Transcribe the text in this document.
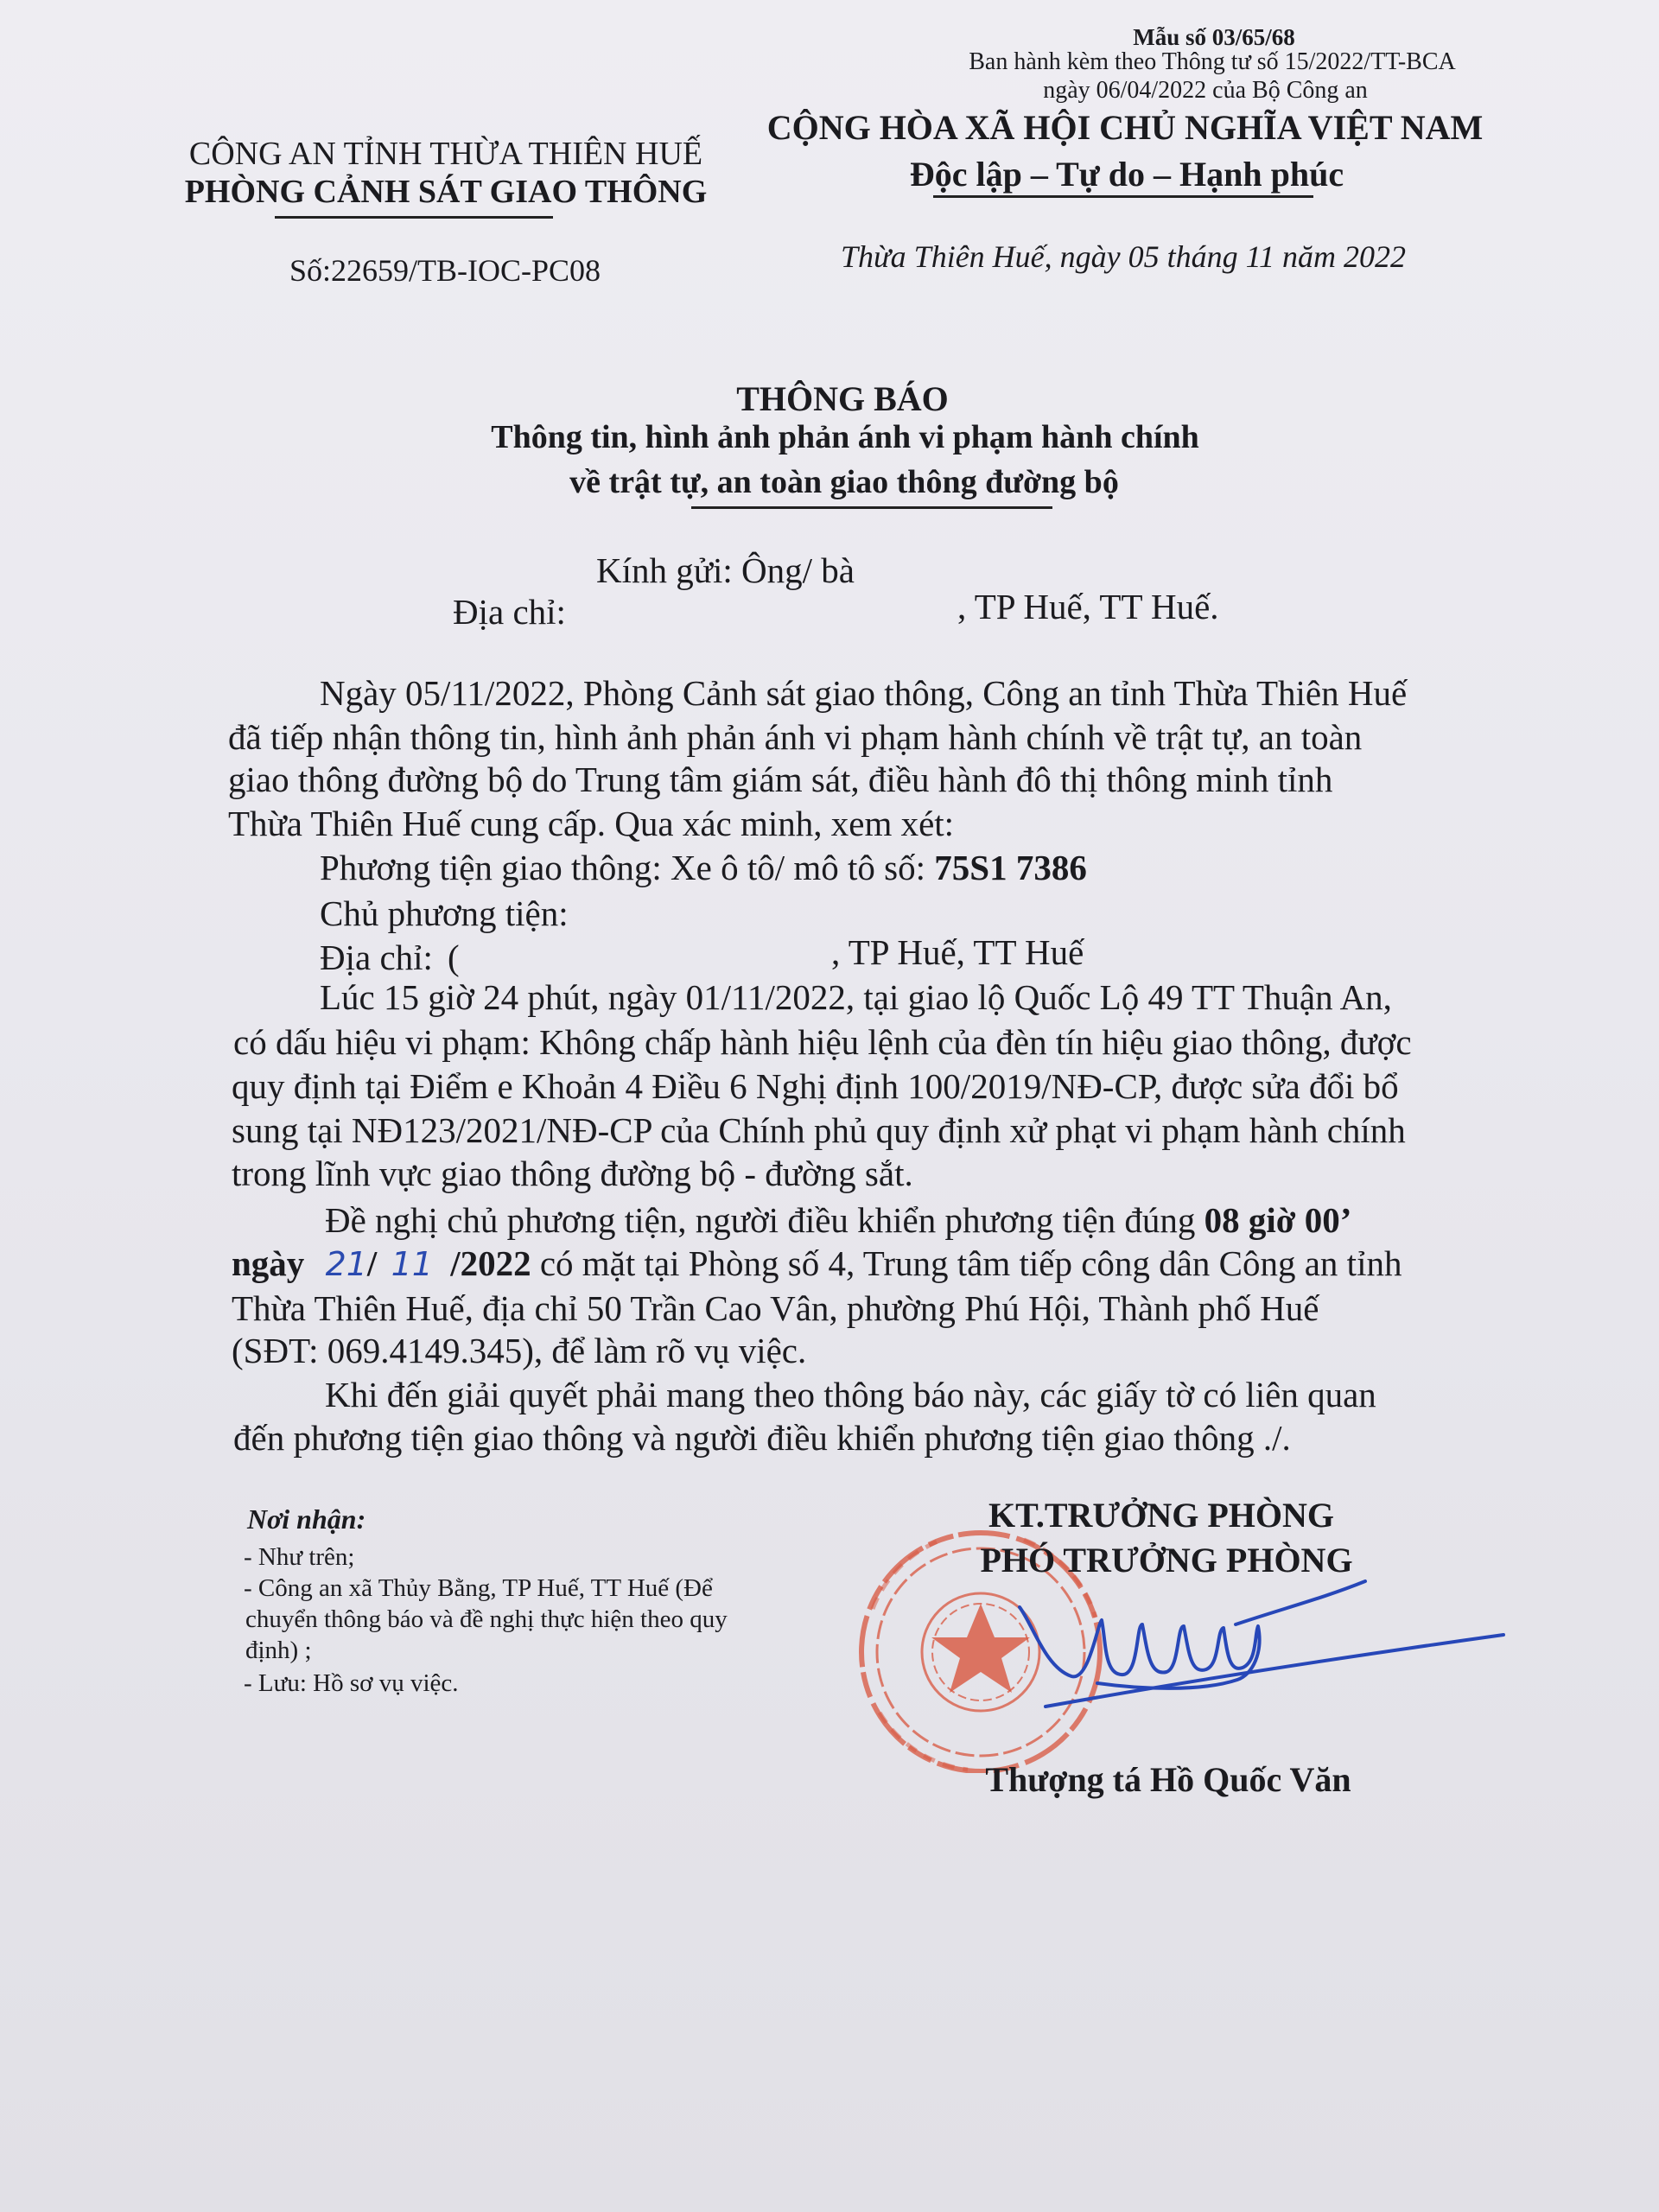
Mẫu số 03/65/68
Ban hành kèm theo Thông tư số 15/2022/TT-BCA
ngày 06/04/2022 của Bộ Công an
CÔNG AN TỈNH THỪA THIÊN HUẾ
PHÒNG CẢNH SÁT GIAO THÔNG
Số:22659/TB-IOC-PC08
CỘNG HÒA XÃ HỘI CHỦ NGHĨA VIỆT NAM
Độc lập – Tự do – Hạnh phúc
Thừa Thiên Huế, ngày 05 tháng 11 năm 2022
THÔNG BÁO
Thông tin, hình ảnh phản ánh vi phạm hành chính
về trật tự, an toàn giao thông đường bộ
Kính gửi: Ông/ bà
Địa chỉ:	, TP Huế, TT Huế.
Ngày 05/11/2022, Phòng Cảnh sát giao thông, Công an tỉnh Thừa Thiên Huế
đã tiếp nhận thông tin, hình ảnh phản ánh vi phạm hành chính về trật tự, an toàn
giao thông đường bộ do Trung tâm giám sát, điều hành đô thị thông minh tỉnh
Thừa Thiên Huế cung cấp. Qua xác minh, xem xét:
Phương tiện giao thông: Xe ô tô/ mô tô số: 75S1 7386
Chủ phương tiện:
Địa chỉ: (	, TP Huế, TT Huế
Lúc 15 giờ 24 phút, ngày 01/11/2022, tại giao lộ Quốc Lộ 49 TT Thuận An,
có dấu hiệu vi phạm: Không chấp hành hiệu lệnh của đèn tín hiệu giao thông, được
quy định tại Điểm e Khoản 4 Điều 6 Nghị định 100/2019/NĐ-CP, được sửa đổi bổ
sung tại NĐ123/2021/NĐ-CP của Chính phủ quy định xử phạt vi phạm hành chính
trong lĩnh vực giao thông đường bộ - đường sắt.
Đề nghị chủ phương tiện, người điều khiển phương tiện đúng 08 giờ 00’
ngày 21/ 11 /2022 có mặt tại Phòng số 4, Trung tâm tiếp công dân Công an tỉnh
Thừa Thiên Huế, địa chỉ 50 Trần Cao Vân, phường Phú Hội, Thành phố Huế
(SĐT: 069.4149.345), để làm rõ vụ việc.
Khi đến giải quyết phải mang theo thông báo này, các giấy tờ có liên quan
đến phương tiện giao thông và người điều khiển phương tiện giao thông ./.
Nơi nhận:
- Như trên;
- Công an xã Thủy Bằng, TP Huế, TT Huế (Để
chuyển thông báo và đề nghị thực hiện theo quy
định) ;
- Lưu: Hồ sơ vụ việc.
KT.TRƯỞNG PHÒNG
PHÓ TRƯỞNG PHÒNG
Thượng tá Hồ Quốc Văn
